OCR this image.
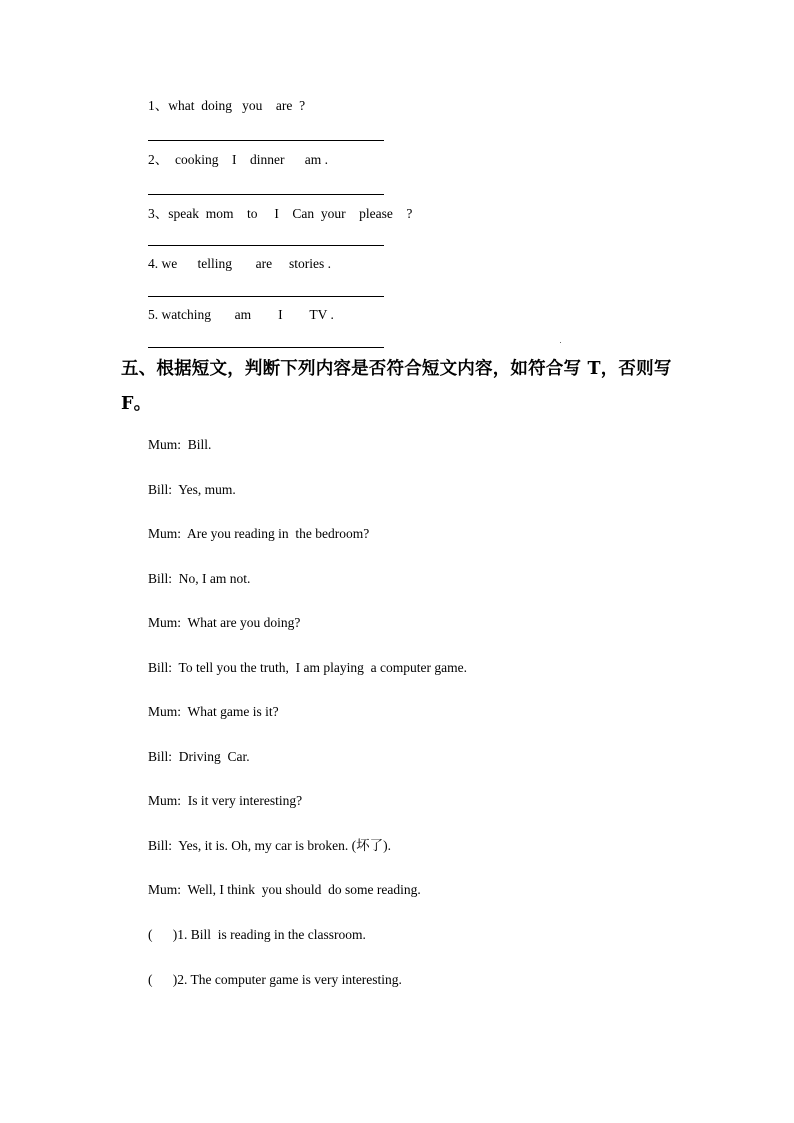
1、what  doing   you    are  ?
2、  cooking    I    dinner      am .
3、speak  mom    to     I    Can  your    please    ?
4. we      telling       are     stories .
5. watching       am        I        TV .
五、根据短文，判断下列内容是否符合短文内容，如符合写 T，否则写 F。
Mum:  Bill.
Bill:  Yes, mum.
Mum:  Are you reading in  the bedroom?
Bill:  No, I am not.
Mum:  What are you doing?
Bill:  To tell you the truth,  I am playing  a computer game.
Mum:  What game is it?
Bill:  Driving  Car.
Mum:  Is it very interesting?
Bill:  Yes, it is. Oh, my car is broken. (坏了).
Mum:  Well, I think  you should  do some reading.
(      )1. Bill  is reading in the classroom.
(      )2. The computer game is very interesting.
